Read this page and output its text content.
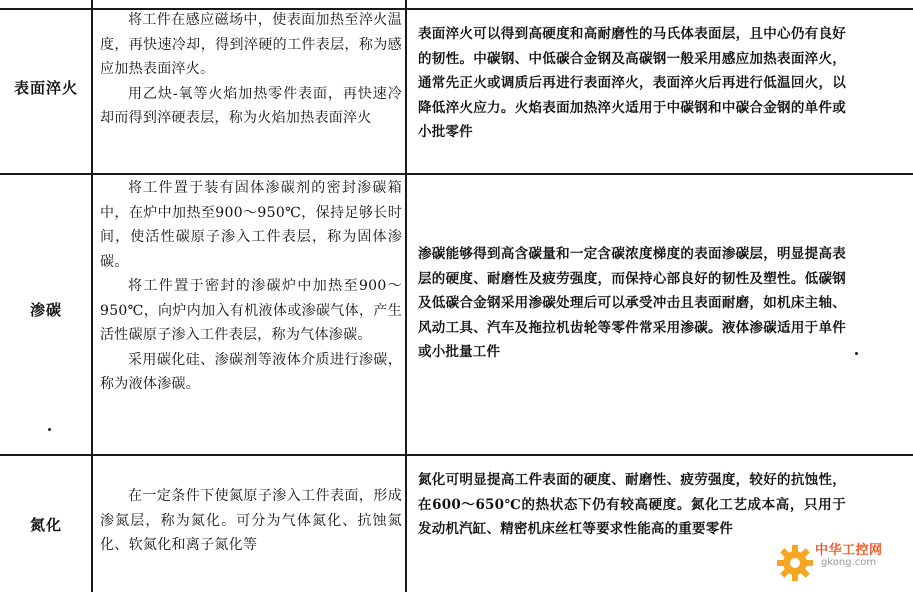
表面淬火

将工件在感应磁场中，使表面加热至淬火温度，再快速冷却，得到淬硬的工件表层，称为感应加热表面淬火。

用乙炔-氧等火焰加热零件表面，再快速冷却而得到淬硬表层，称为火焰加热表面淬火

表面淬火可以得到高硬度和高耐磨性的马氏体表面层，且中心仍有良好的韧性。中碳钢、中低碳合金钢及高碳钢一般采用感应加热表面淬火，通常先正火或调质后再进行表面淬火，表面淬火后再进行低温回火，以降低淬火应力。火焰表面加热淬火适用于中碳钢和中碳合金钢的单件或小批零件

渗碳

将工件置于装有固体渗碳剂的密封渗碳箱中，在炉中加热至900～950℃，保持足够长时间，使活性碳原子渗入工件表层，称为固体渗碳。

将工件置于密封的渗碳炉中加热至900～950℃，向炉内加入有机液体或渗碳气体，产生活性碳原子渗入工件表层，称为气体渗碳。

采用碳化硅、渗碳剂等液体介质进行渗碳，称为液体渗碳。

渗碳能够得到高含碳量和一定含碳浓度梯度的表面渗碳层，明显提高表层的硬度、耐磨性及疲劳强度，而保持心部良好的韧性及塑性。低碳钢及低碳合金钢采用渗碳处理后可以承受冲击且表面耐磨，如机床主轴、风动工具、汽车及拖拉机齿轮等零件常采用渗碳。液体渗碳适用于单件或小批量工件

氮化

在一定条件下使氮原子渗入工件表面，形成渗氮层，称为氮化。可分为气体氮化、抗蚀氮化、软氮化和离子氮化等

氮化可明显提高工件表面的硬度、耐磨性、疲劳强度，较好的抗蚀性，在600～650℃的热状态下仍有较高硬度。氮化工艺成本高，只用于发动机汽缸、精密机床丝杠等要求性能高的重要零件

中华工控网
gkong.com
